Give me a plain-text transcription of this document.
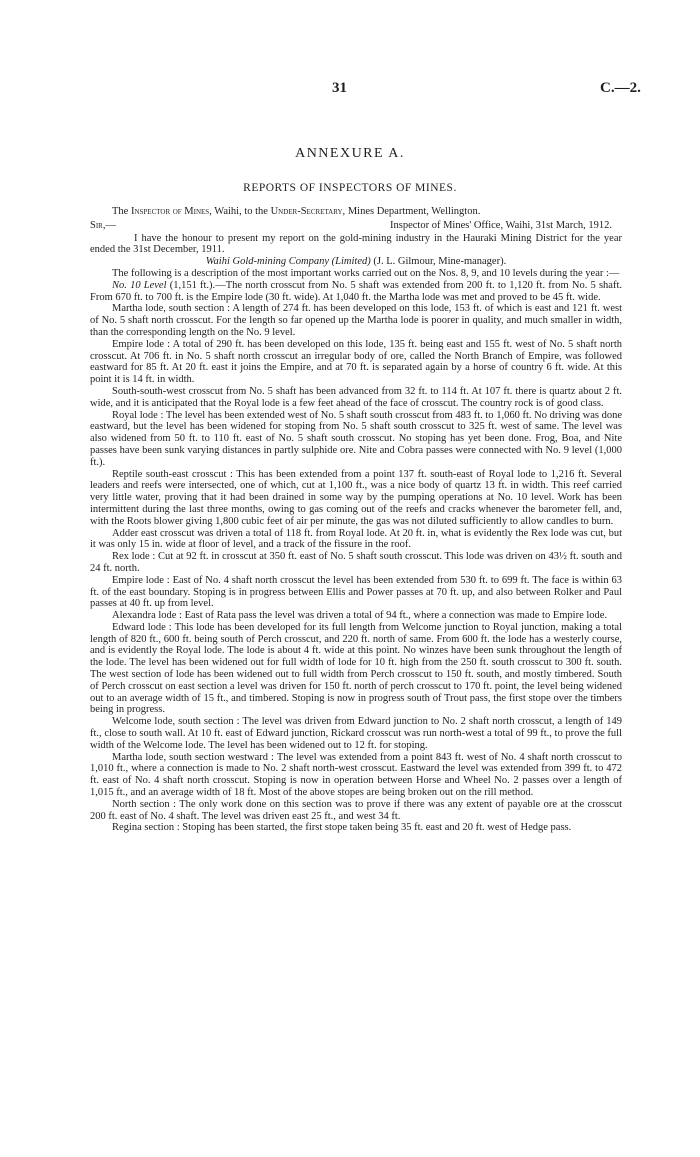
31	C.—2.
ANNEXURE A.
REPORTS OF INSPECTORS OF MINES.

The Inspector of Mines, Waihi, to the Under-Secretary, Mines Department, Wellington.

Sir,—	Inspector of Mines' Office, Waihi, 31st March, 1912.

I have the honour to present my report on the gold-mining industry in the Hauraki Mining District for the year ended the 31st December, 1911.

Waihi Gold-mining Company (Limited) (J. L. Gilmour, Mine-manager).

The following is a description of the most important works carried out on the Nos. 8, 9, and 10 levels during the year :—

No. 10 Level (1,151 ft.).—The north crosscut from No. 5 shaft was extended from 200 ft. to 1,120 ft. from No. 5 shaft. From 670 ft. to 700 ft. is the Empire lode (30 ft. wide). At 1,040 ft. the Martha lode was met and proved to be 45 ft. wide.

Martha lode, south section : A length of 274 ft. has been developed on this lode, 153 ft. of which is east and 121 ft. west of No. 5 shaft north crosscut. For the length so far opened up the Martha lode is poorer in quality, and much smaller in width, than the corresponding length on the No. 9 level.

Empire lode : A total of 290 ft. has been developed on this lode, 135 ft. being east and 155 ft. west of No. 5 shaft north crosscut. At 706 ft. in No. 5 shaft north crosscut an irregular body of ore, called the North Branch of Empire, was followed eastward for 85 ft. At 20 ft. east it joins the Empire, and at 70 ft. is separated again by a horse of country 6 ft. wide. At this point it is 14 ft. in width.

South-south-west crosscut from No. 5 shaft has been advanced from 32 ft. to 114 ft. At 107 ft. there is quartz about 2 ft. wide, and it is anticipated that the Royal lode is a few feet ahead of the face of crosscut. The country rock is of good class.

Royal lode : The level has been extended west of No. 5 shaft south crosscut from 483 ft. to 1,060 ft. No driving was done eastward, but the level has been widened for stoping from No. 5 shaft south crosscut to 325 ft. west of same. The level was also widened from 50 ft. to 110 ft. east of No. 5 shaft south crosscut. No stoping has yet been done. Frog, Boa, and Nite passes have been sunk varying distances in partly sulphide ore. Nite and Cobra passes were connected with No. 9 level (1,000 ft.).

Reptile south-east crosscut : This has been extended from a point 137 ft. south-east of Royal lode to 1,216 ft. Several leaders and reefs were intersected, one of which, cut at 1,100 ft., was a nice body of quartz 13 ft. in width. This reef carried very little water, proving that it had been drained in some way by the pumping operations at No. 10 level. Work has been intermittent during the last three months, owing to gas coming out of the reefs and cracks whenever the barometer fell, and, with the Roots blower giving 1,800 cubic feet of air per minute, the gas was not diluted sufficiently to allow candles to burn.

Adder east crosscut was driven a total of 118 ft. from Royal lode. At 20 ft. in, what is evidently the Rex lode was cut, but it was only 15 in. wide at floor of level, and a track of the fissure in the roof.

Rex lode : Cut at 92 ft. in crosscut at 350 ft. east of No. 5 shaft south crosscut. This lode was driven on 43½ ft. south and 24 ft. north.

Empire lode : East of No. 4 shaft north crosscut the level has been extended from 530 ft. to 699 ft. The face is within 63 ft. of the east boundary. Stoping is in progress between Ellis and Power passes at 70 ft. up, and also between Rolker and Paul passes at 40 ft. up from level.

Alexandra lode : East of Rata pass the level was driven a total of 94 ft., where a connection was made to Empire lode.

Edward lode : This lode has been developed for its full length from Welcome junction to Royal junction, making a total length of 820 ft., 600 ft. being south of Perch crosscut, and 220 ft. north of same. From 600 ft. the lode has a westerly course, and is evidently the Royal lode. The lode is about 4 ft. wide at this point. No winzes have been sunk throughout the length of the lode. The level has been widened out for full width of lode for 10 ft. high from the 250 ft. south crosscut to 300 ft. south. The west section of lode has been widened out to full width from Perch crosscut to 150 ft. south, and mostly timbered. South of Perch crosscut on east section a level was driven for 150 ft. north of perch crosscut to 170 ft. point, the level being widened out to an average width of 15 ft., and timbered. Stoping is now in progress south of Trout pass, the first stope over the timbers being in progress.

Welcome lode, south section : The level was driven from Edward junction to No. 2 shaft north crosscut, a length of 149 ft., close to south wall. At 10 ft. east of Edward junction, Rickard crosscut was run north-west a total of 99 ft., to prove the full width of the Welcome lode. The level has been widened out to 12 ft. for stoping.

Martha lode, south section westward : The level was extended from a point 843 ft. west of No. 4 shaft north crosscut to 1,010 ft., where a connection is made to No. 2 shaft north-west crosscut. Eastward the level was extended from 399 ft. to 472 ft. east of No. 4 shaft north crosscut. Stoping is now in operation between Horse and Wheel No. 2 passes over a length of 1,015 ft., and an average width of 18 ft. Most of the above stopes are being broken out on the rill method.

North section : The only work done on this section was to prove if there was any extent of payable ore at the crosscut 200 ft. east of No. 4 shaft. The level was driven east 25 ft., and west 34 ft.

Regina section : Stoping has been started, the first stope taken being 35 ft. east and 20 ft. west of Hedge pass.
